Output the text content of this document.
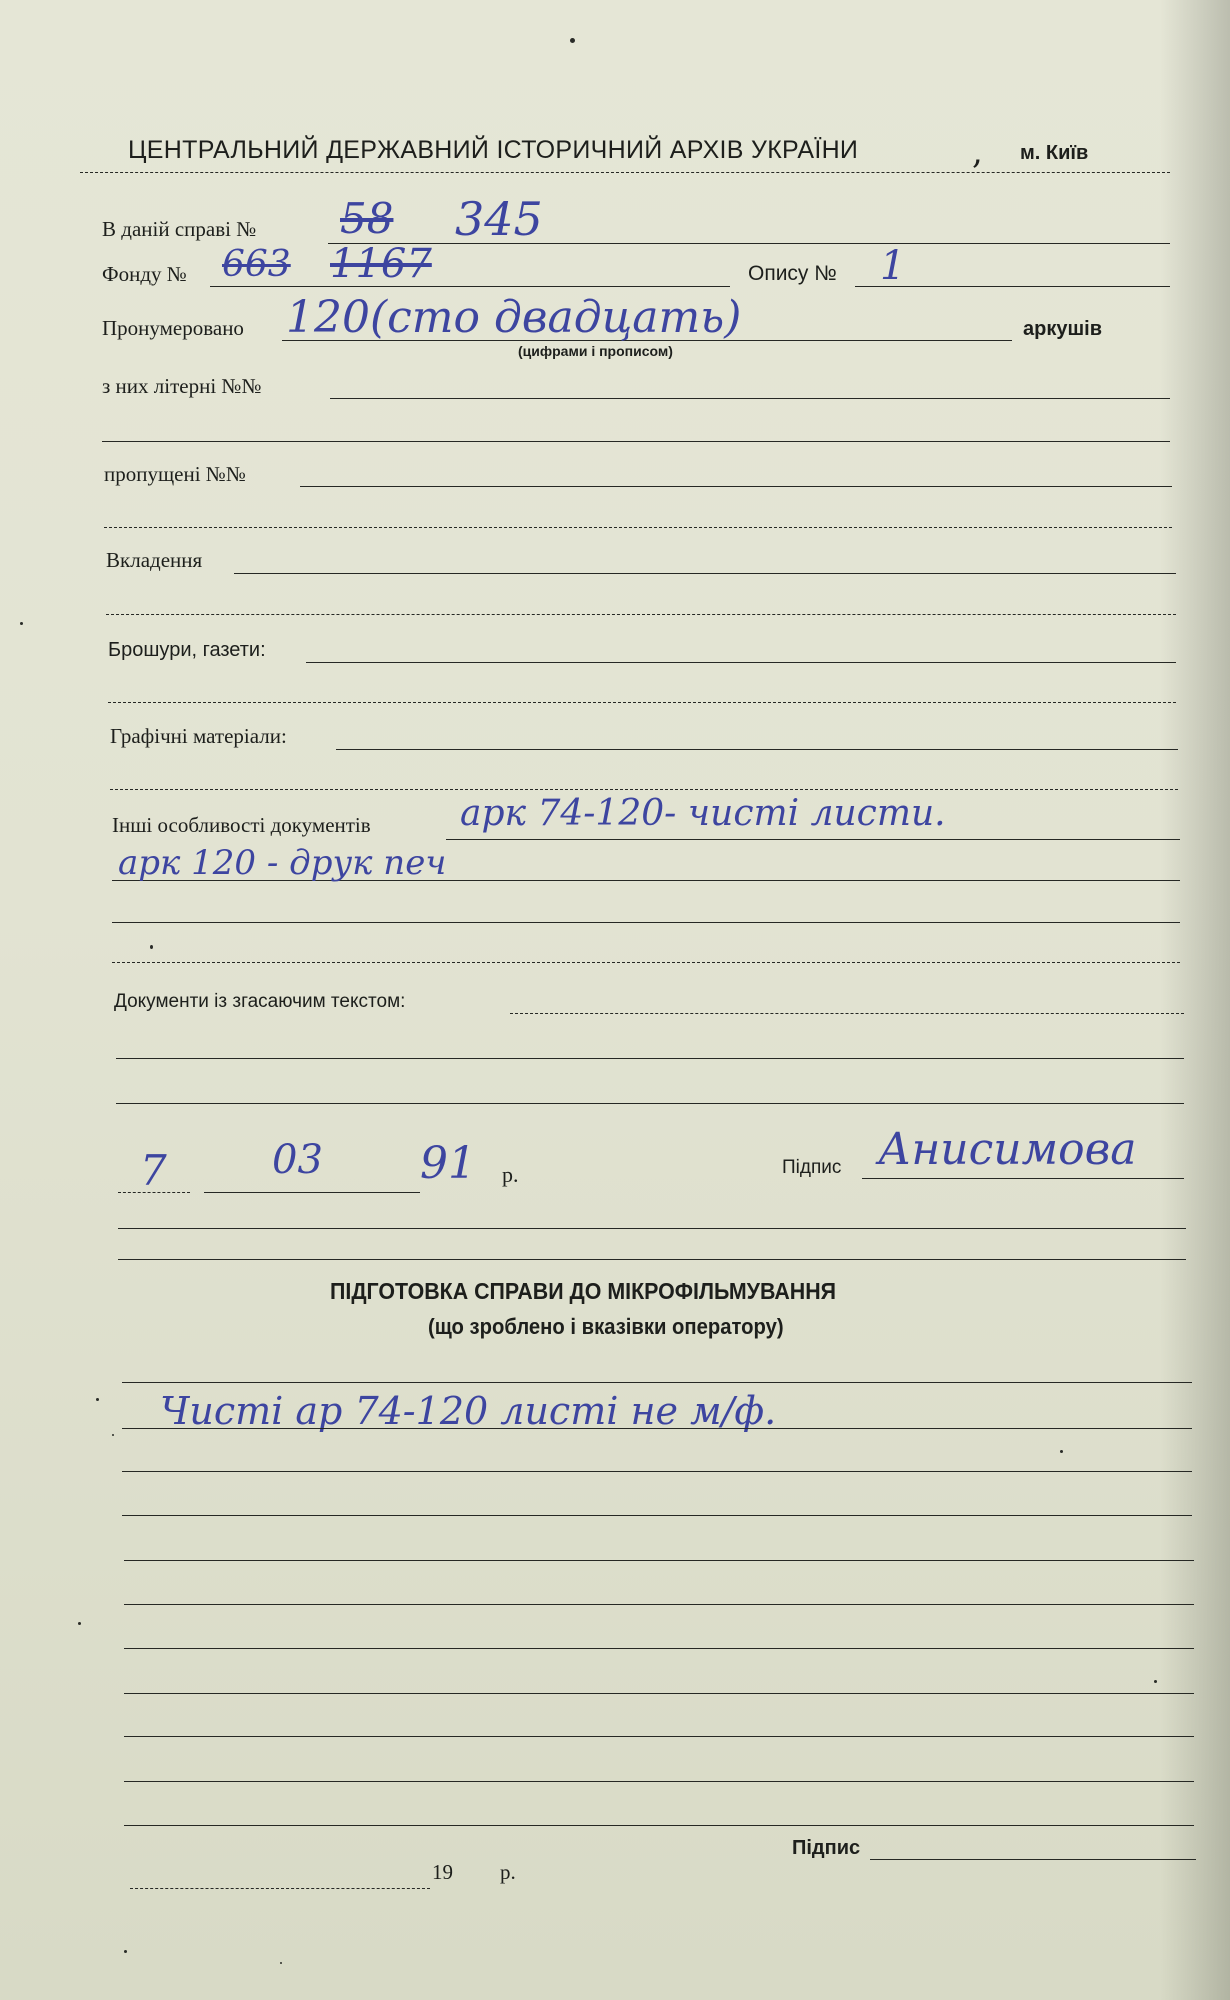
ЦЕНТРАЛЬНИЙ ДЕРЖАВНИЙ ІСТОРИЧНИЙ АРХІВ УКРАЇНИ	, м. Київ
В даній справі № 58 345
Фонду № 663 1167	Опису № 1
Пронумеровано 120(сто двадцать)
(цифрами і прописом)
аркушів
з них літерні №№
пропущені №№
Вкладення
Брошури, газети:
Графічні матеріали:
Інші особливості документів арк 74-120- чисті листи.
арк 120 - друк печ
Документи із згасаючим текстом:
7	03 91 р.	Підпис Анисимова
ПІДГОТОВКА СПРАВИ ДО МІКРОФІЛЬМУВАННЯ
(що зроблено і вказівки оператору)
Чисті ар 74-120 листі не м/ф.
19 р.
Підпис
